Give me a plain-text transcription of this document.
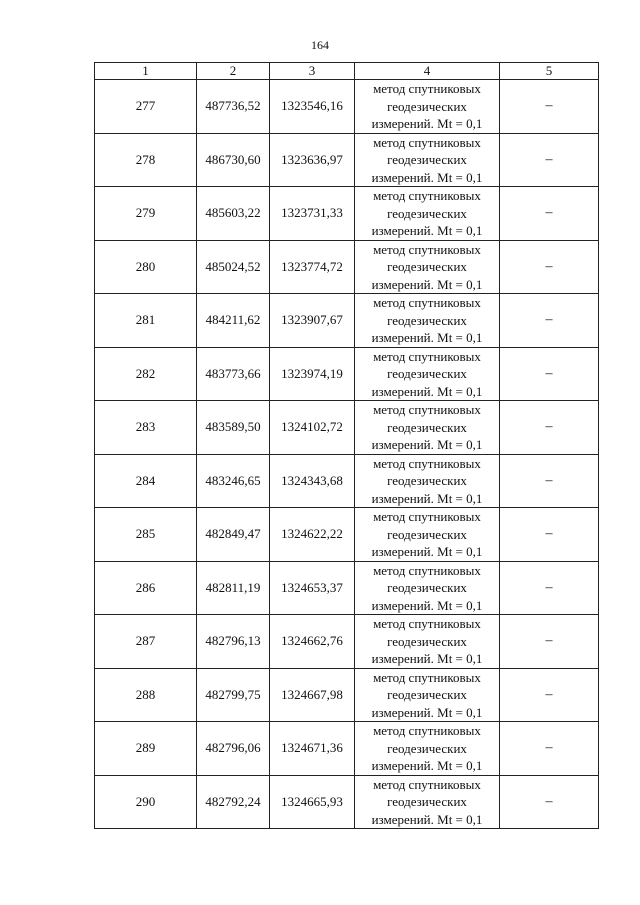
164
1	2	3	4	5
277	487736,52	1323546,16	метод спутниковых
геодезических
измерений. Mt = 0,1	–
278	486730,60	1323636,97	метод спутниковых
геодезических
измерений. Mt = 0,1	–
279	485603,22	1323731,33	метод спутниковых
геодезических
измерений. Mt = 0,1	–
280	485024,52	1323774,72	метод спутниковых
геодезических
измерений. Mt = 0,1	–
281	484211,62	1323907,67	метод спутниковых
геодезических
измерений. Mt = 0,1	–
282	483773,66	1323974,19	метод спутниковых
геодезических
измерений. Mt = 0,1	–
283	483589,50	1324102,72	метод спутниковых
геодезических
измерений. Mt = 0,1	–
284	483246,65	1324343,68	метод спутниковых
геодезических
измерений. Mt = 0,1	–
285	482849,47	1324622,22	метод спутниковых
геодезических
измерений. Mt = 0,1	–
286	482811,19	1324653,37	метод спутниковых
геодезических
измерений. Mt = 0,1	–
287	482796,13	1324662,76	метод спутниковых
геодезических
измерений. Mt = 0,1	–
288	482799,75	1324667,98	метод спутниковых
геодезических
измерений. Mt = 0,1	–
289	482796,06	1324671,36	метод спутниковых
геодезических
измерений. Mt = 0,1	–
290	482792,24	1324665,93	метод спутниковых
геодезических
измерений. Mt = 0,1	–
